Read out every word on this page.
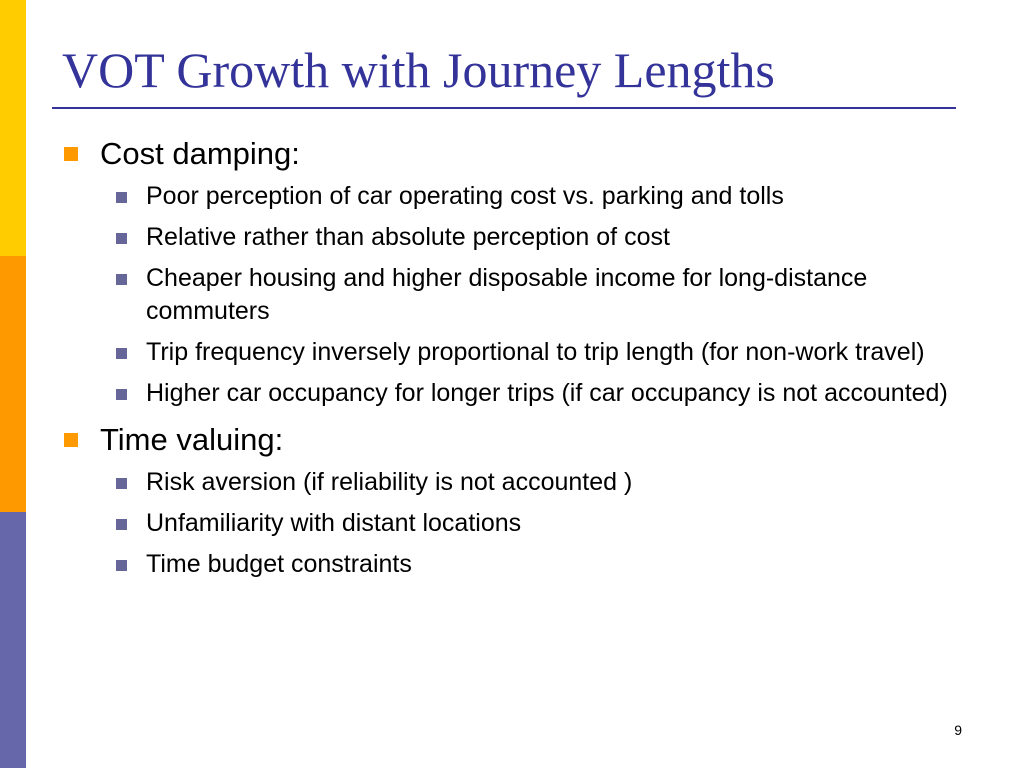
VOT Growth with Journey Lengths

Cost damping:

Poor perception of car operating cost vs. parking and tolls
Relative rather than absolute perception of cost
Cheaper housing and higher disposable income for long-distance commuters
Trip frequency inversely proportional to trip length (for non-work travel)
Higher car occupancy for longer trips (if car occupancy is not accounted)

Time valuing:

Risk aversion (if reliability is not accounted )
Unfamiliarity with distant locations
Time budget constraints
9
